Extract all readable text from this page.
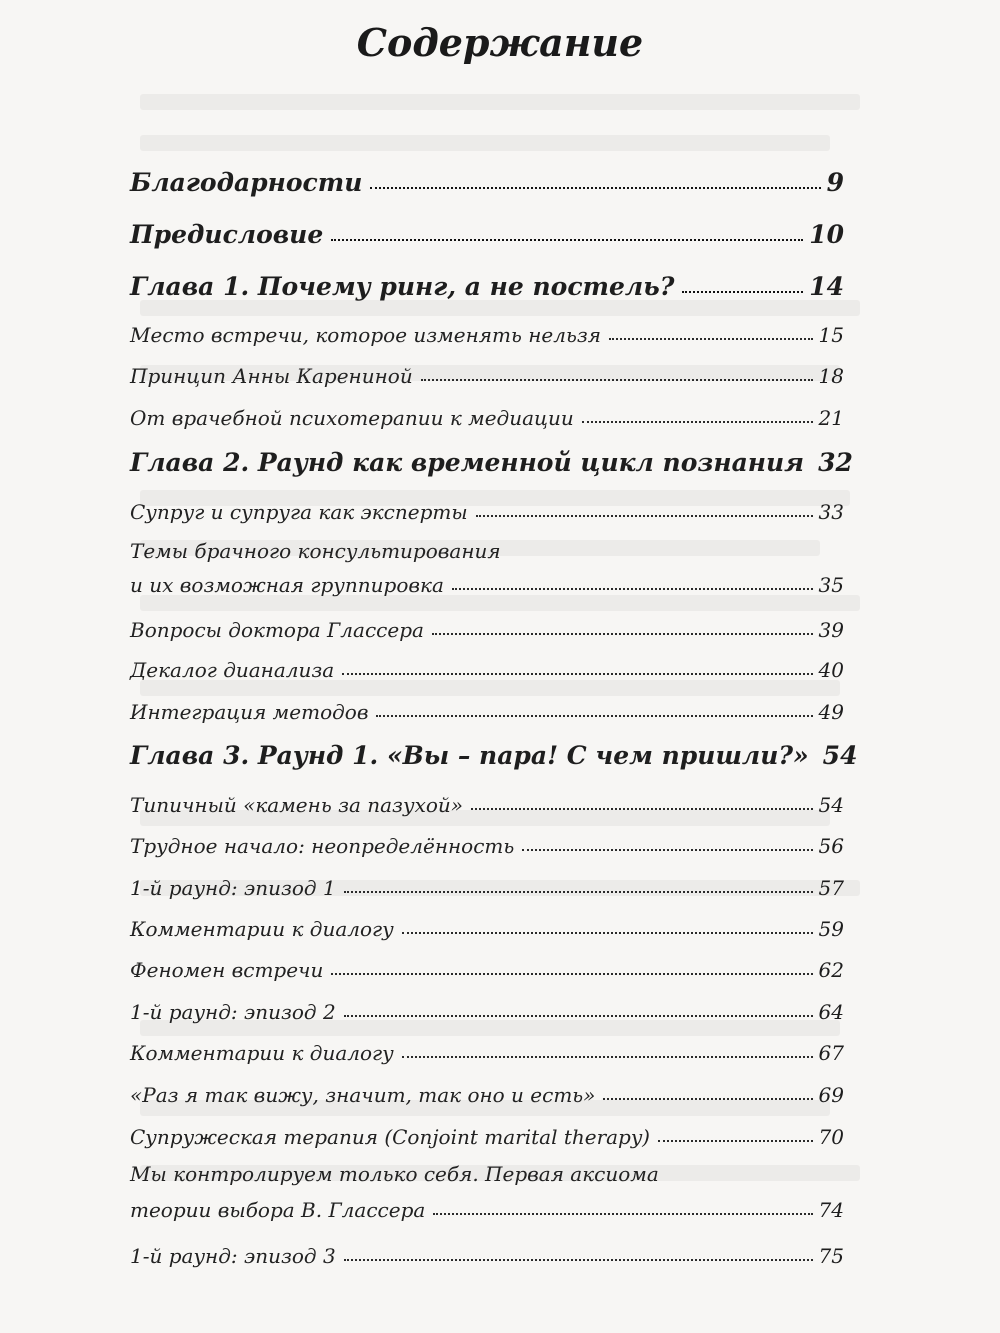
Содержание
Благодарности	9
Предисловие	10
Глава 1. Почему ринг, а не постель?	14
Место встречи, которое изменять нельзя	15
Принцип Анны Карениной	18
От врачебной психотерапии к медиации	21
Глава 2. Раунд как временной цикл познания 32
Супруг и супруга как эксперты	33
Темы брачного консультирования
и их возможная группировка	35
Вопросы доктора Глассера	39
Декалог дианализа	40
Интеграция методов	49
Глава 3. Раунд 1. «Вы – пара! С чем пришли?» 54
Типичный «камень за пазухой»	54
Трудное начало: неопределённость	56
1-й раунд: эпизод 1	57
Комментарии к диалогу	59
Феномен встречи	62
1-й раунд: эпизод 2	64
Комментарии к диалогу	67
«Раз я так вижу, значит, так оно и есть»	69
Супружеская терапия (Conjoint marital therapy)	70
Мы контролируем только себя. Первая аксиома
теории выбора В. Глассера	74
1-й раунд: эпизод 3	75
